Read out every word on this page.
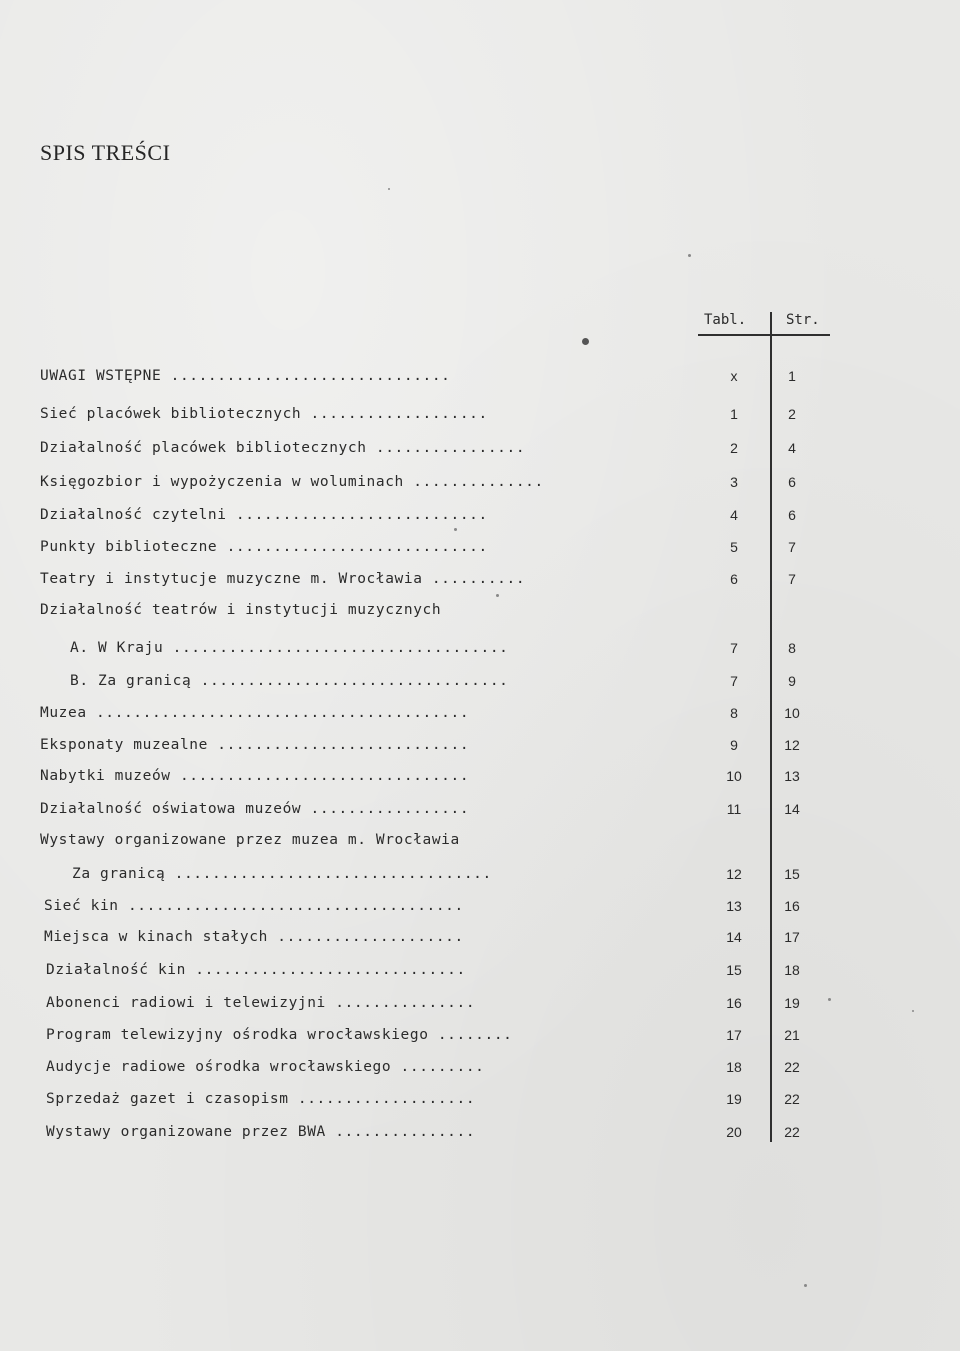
SPIS TREŚCI
Tabl.	Str.
UWAGI WSTĘPNE ..............................	x	1
Sieć placówek bibliotecznych ...................	1	2
Działalność placówek bibliotecznych ................	2	4
Księgozbior i wypożyczenia w woluminach ..............	3	6
Działalność czytelni ...........................	4	6
Punkty biblioteczne ............................	5	7
Teatry i instytucje muzyczne m. Wrocławia ..........	6	7
Działalność teatrów i instytucji muzycznych
A. W Kraju ....................................	7	8
B. Za granicą .................................	7	9
Muzea ........................................	8	10
Eksponaty muzealne ...........................	9	12
Nabytki muzeów ...............................	10	13
Działalność oświatowa muzeów .................	11	14
Wystawy organizowane przez muzea m. Wrocławia
Za granicą ..................................	12	15
Sieć kin ....................................	13	16
Miejsca w kinach stałych ....................	14	17
Działalność kin .............................	15	18
Abonenci radiowi i telewizyjni ...............	16	19
Program telewizyjny ośrodka wrocławskiego ........	17	21
Audycje radiowe ośrodka wrocławskiego .........	18	22
Sprzedaż gazet i czasopism ...................	19	22
Wystawy organizowane przez BWA ...............	20	22
